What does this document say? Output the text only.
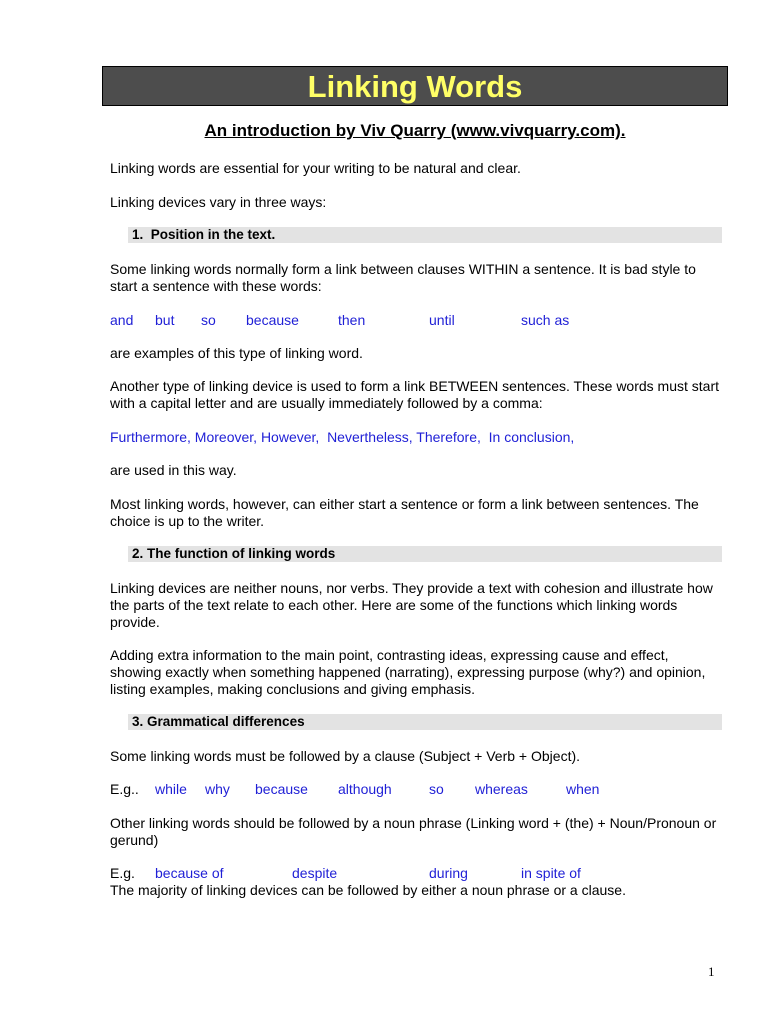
Linking Words
An introduction by Viv Quarry (www.vivquarry.com).
Linking words are essential for your writing to be natural and clear.
Linking devices vary in three ways:
1.  Position in the text.
Some linking words normally form a link between clauses WITHIN a sentence. It is bad style to start a sentence with these words:
and but so because	then	until	such as
are examples of this type of linking word.
Another type of linking device is used to form a link BETWEEN sentences. These words must start with a capital letter and are usually immediately followed by a comma:
Furthermore, Moreover, However,  Nevertheless, Therefore,  In conclusion,
are used in this way.
Most linking words, however, can either start a sentence or form a link between sentences. The choice is up to the writer.
2. The function of linking words
Linking devices are neither nouns, nor verbs. They provide a text with cohesion and illustrate how the parts of the text relate to each other. Here are some of the functions which linking words provide.
Adding extra information to the main point, contrasting ideas, expressing cause and effect, showing exactly when something happened (narrating), expressing purpose (why?) and opinion, listing examples, making conclusions and giving emphasis.
3. Grammatical differences
Some linking words must be followed by a clause (Subject + Verb + Object).
E.g.. while why because although	so whereas	when
Other linking words should be followed by a noun phrase (Linking word + (the) + Noun/Pronoun or gerund)
E.g. because of	despite	during	in spite of
The majority of linking devices can be followed by either a noun phrase or a clause.
1
